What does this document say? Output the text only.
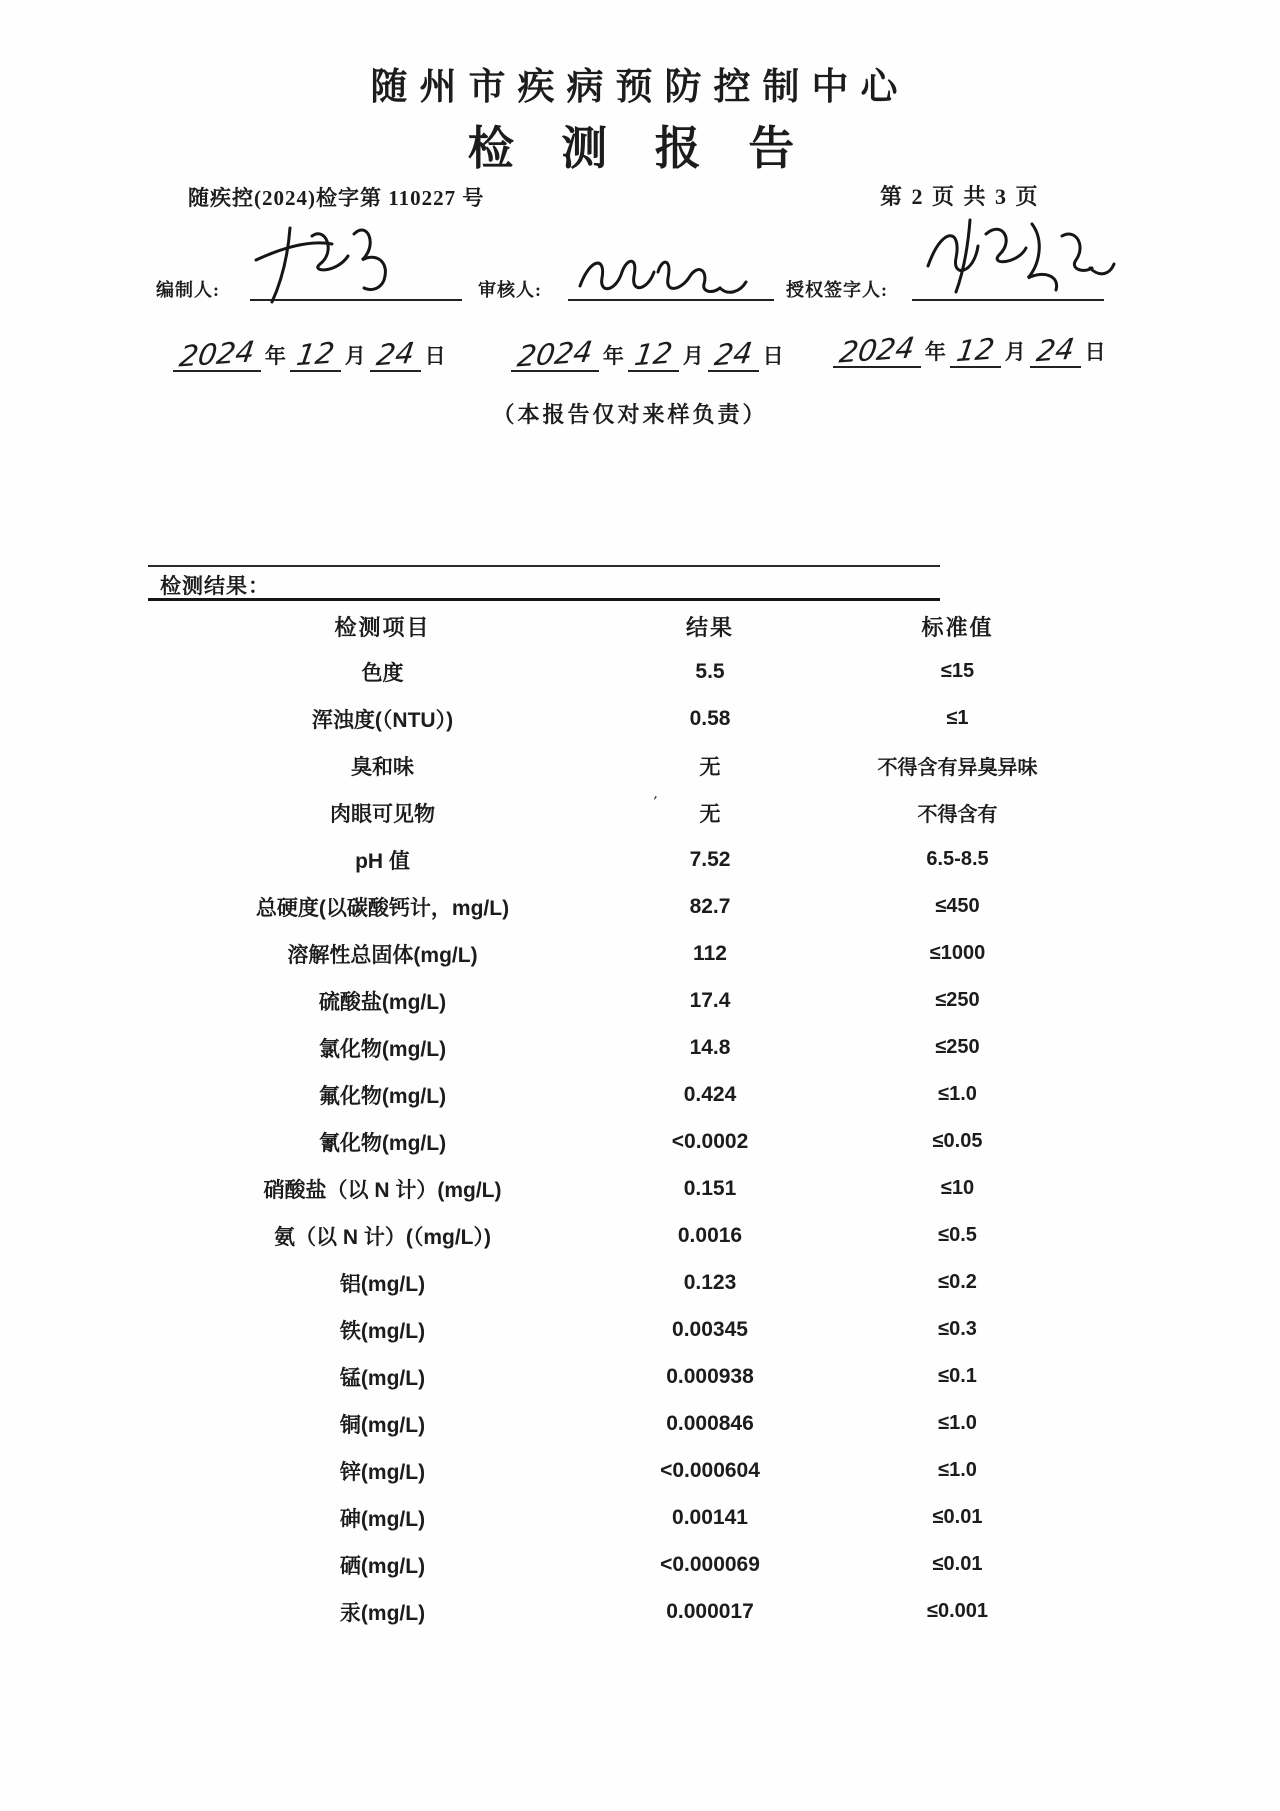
随州市疾病预防控制中心
检 测 报 告
随疾控(2024)检字第 110227 号	第 2 页 共 3 页
编制人:	审核人:	授权签字人:
2024 年 12 月 24 日 2024 年 12 月 24 日 2024 年 12 月 24 日
（本报告仅对来样负责）
检测结果：
检测项目	结果	标准值
色度	5.5	≤15
浑浊度(（NTU）)	0.58	≤1
臭和味	无	不得含有异臭异味
肉眼可见物	无	不得含有
pH 值	7.52	6.5-8.5
总硬度(以碳酸钙计，mg/L)	82.7	≤450
溶解性总固体(mg/L)	112	≤1000
硫酸盐(mg/L)	17.4	≤250
氯化物(mg/L)	14.8	≤250
氟化物(mg/L)	0.424	≤1.0
氰化物(mg/L)	<0.0002	≤0.05
硝酸盐（以 N 计）(mg/L)	0.151	≤10
氨（以 N 计）(（mg/L）)	0.0016	≤0.5
铝(mg/L)	0.123	≤0.2
铁(mg/L)	0.00345	≤0.3
锰(mg/L)	0.000938	≤0.1
铜(mg/L)	0.000846	≤1.0
锌(mg/L)	<0.000604	≤1.0
砷(mg/L)	0.00141	≤0.01
硒(mg/L)	<0.000069	≤0.01
汞(mg/L)	0.000017	≤0.001
’
